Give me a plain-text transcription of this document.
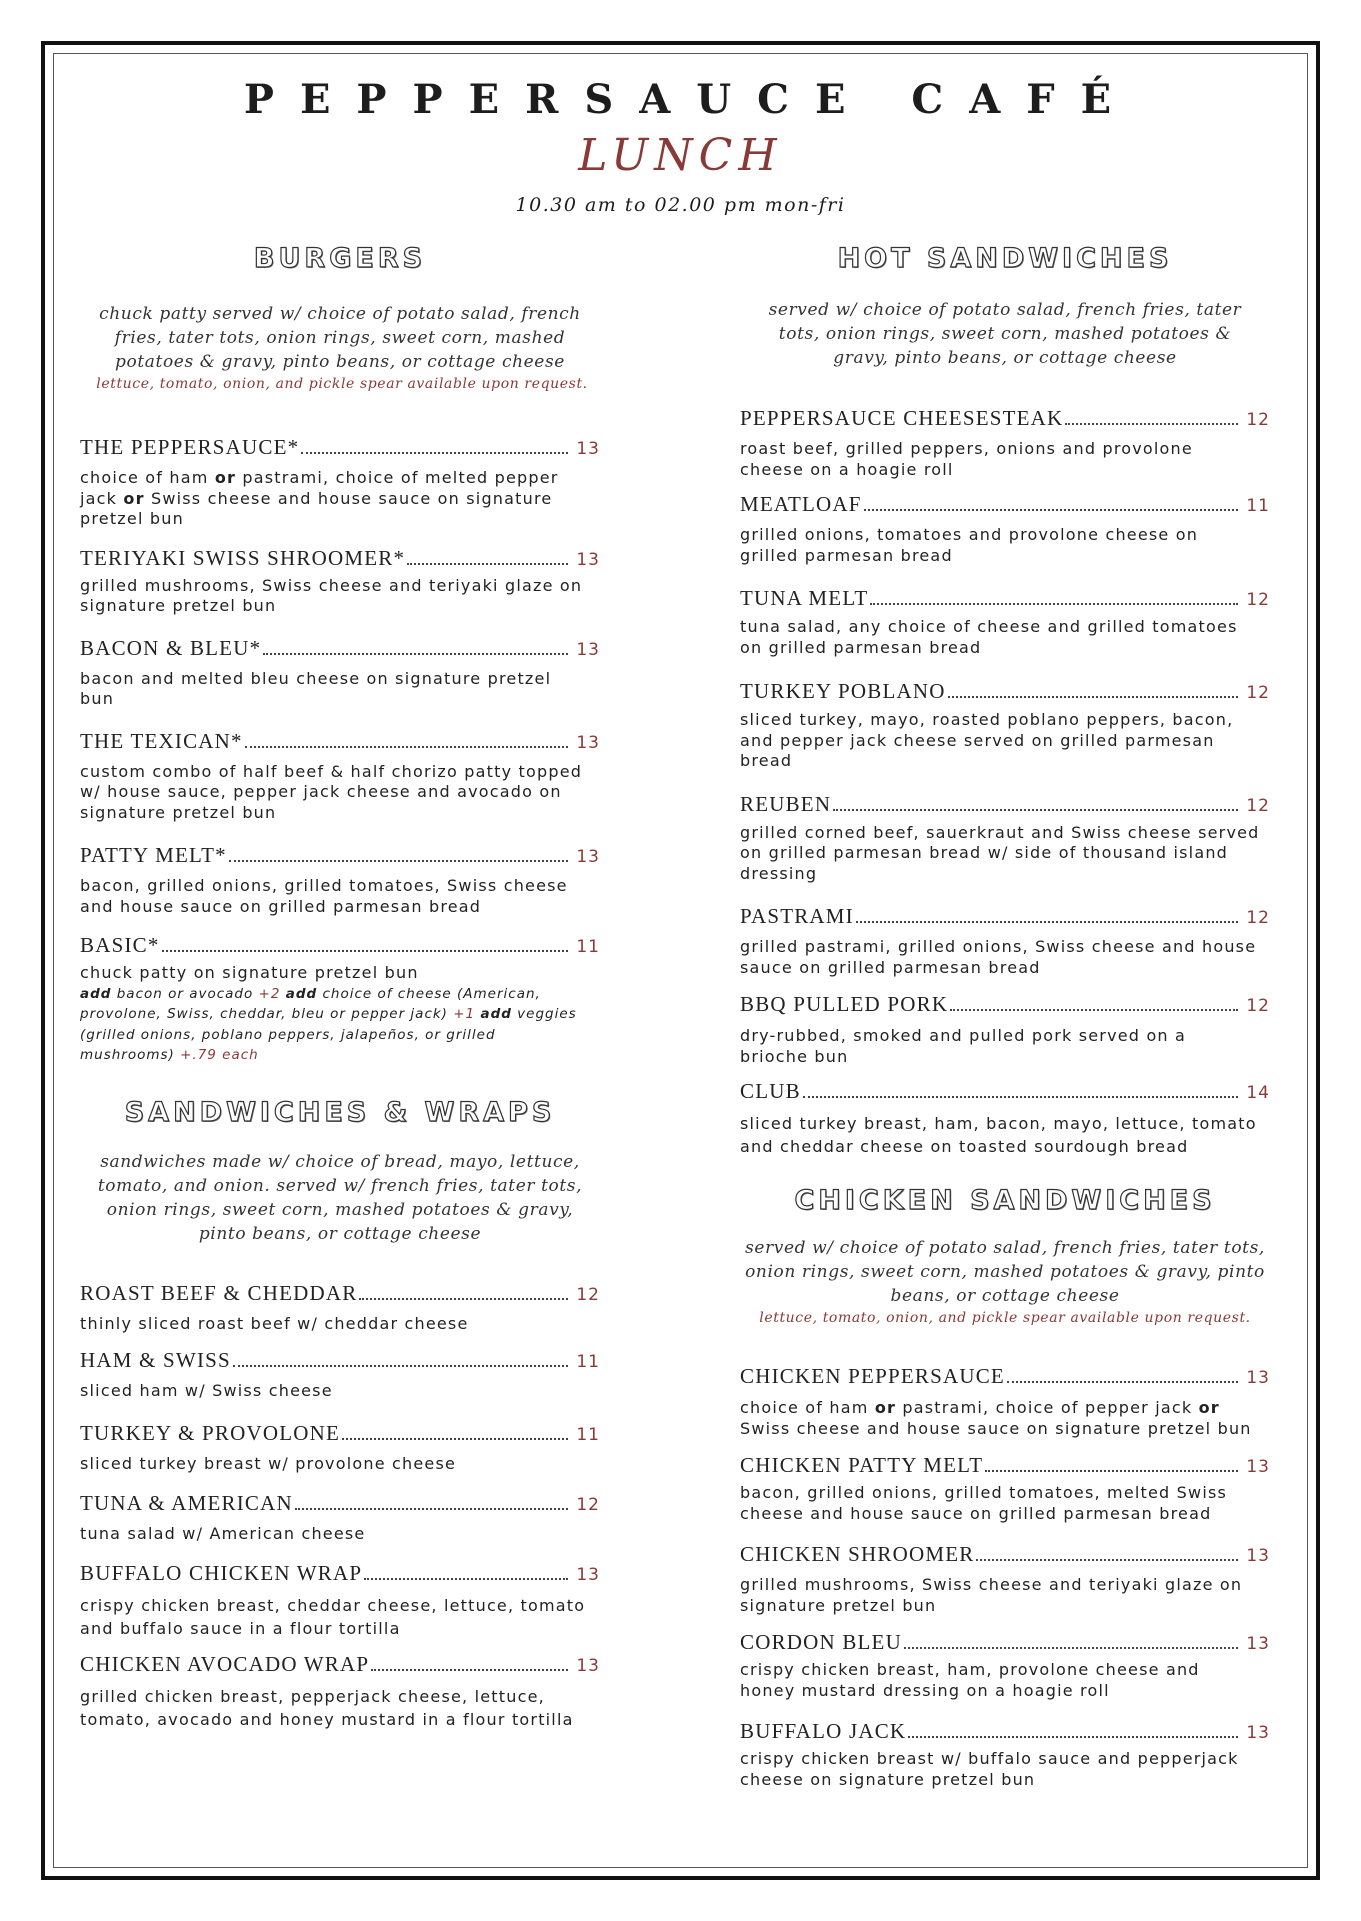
PEPPERSAUCE CAFÉ
LUNCH
10.30 am to 02.00 pm mon-fri
BURGERS
chuck patty served w/ choice of potato salad, french fries, tater tots, onion rings, sweet corn, mashed potatoes & gravy, pinto beans, or cottage cheese
lettuce, tomato, onion, and pickle spear available upon request.
THE PEPPERSAUCE*	13
choice of ham or pastrami, choice of melted pepper jack or Swiss cheese and house sauce on signature pretzel bun
TERIYAKI SWISS SHROOMER*	13
grilled mushrooms, Swiss cheese and teriyaki glaze on signature pretzel bun
BACON & BLEU*	13
bacon and melted bleu cheese on signature pretzel bun
THE TEXICAN*	13
custom combo of half beef & half chorizo patty topped w/ house sauce, pepper jack cheese and avocado on signature pretzel bun
PATTY MELT*	13
bacon, grilled onions, grilled tomatoes, Swiss cheese and house sauce on grilled parmesan bread
BASIC*	11
chuck patty on signature pretzel bun
add bacon or avocado +2 add choice of cheese (American, provolone, Swiss, cheddar, bleu or pepper jack) +1 add veggies (grilled onions, poblano peppers, jalapeños, or grilled mushrooms) +.79 each
SANDWICHES & WRAPS
sandwiches made w/ choice of bread, mayo, lettuce, tomato, and onion. served w/ french fries, tater tots, onion rings, sweet corn, mashed potatoes & gravy, pinto beans, or cottage cheese
ROAST BEEF & CHEDDAR	12
thinly sliced roast beef w/ cheddar cheese
HAM & SWISS	11
sliced ham w/ Swiss cheese
TURKEY & PROVOLONE	11
sliced turkey breast w/ provolone cheese
TUNA & AMERICAN	12
tuna salad w/ American cheese
BUFFALO CHICKEN WRAP	13
crispy chicken breast, cheddar cheese, lettuce, tomato and buffalo sauce in a flour tortilla
CHICKEN AVOCADO WRAP	13
grilled chicken breast, pepperjack cheese, lettuce, tomato, avocado and honey mustard in a flour tortilla
HOT SANDWICHES
served w/ choice of potato salad, french fries, tater tots, onion rings, sweet corn, mashed potatoes & gravy, pinto beans, or cottage cheese
PEPPERSAUCE CHEESESTEAK	12
roast beef, grilled peppers, onions and provolone cheese on a hoagie roll
MEATLOAF	11
grilled onions, tomatoes and provolone cheese on grilled parmesan bread
TUNA MELT	12
tuna salad, any choice of cheese and grilled tomatoes on grilled parmesan bread
TURKEY POBLANO	12
sliced turkey, mayo, roasted poblano peppers, bacon, and pepper jack cheese served on grilled parmesan bread
REUBEN	12
grilled corned beef, sauerkraut and Swiss cheese served on grilled parmesan bread w/ side of thousand island dressing
PASTRAMI	12
grilled pastrami, grilled onions, Swiss cheese and house sauce on grilled parmesan bread
BBQ PULLED PORK	12
dry-rubbed, smoked and pulled pork served on a brioche bun
CLUB	14
sliced turkey breast, ham, bacon, mayo, lettuce, tomato and cheddar cheese on toasted sourdough bread
CHICKEN SANDWICHES
served w/ choice of potato salad, french fries, tater tots, onion rings, sweet corn, mashed potatoes & gravy, pinto beans, or cottage cheese
lettuce, tomato, onion, and pickle spear available upon request.
CHICKEN PEPPERSAUCE	13
choice of ham or pastrami, choice of pepper jack or Swiss cheese and house sauce on signature pretzel bun
CHICKEN PATTY MELT	13
bacon, grilled onions, grilled tomatoes, melted Swiss cheese and house sauce on grilled parmesan bread
CHICKEN SHROOMER	13
grilled mushrooms, Swiss cheese and teriyaki glaze on signature pretzel bun
CORDON BLEU	13
crispy chicken breast, ham, provolone cheese and honey mustard dressing on a hoagie roll
BUFFALO JACK	13
crispy chicken breast w/ buffalo sauce and pepperjack cheese on signature pretzel bun
